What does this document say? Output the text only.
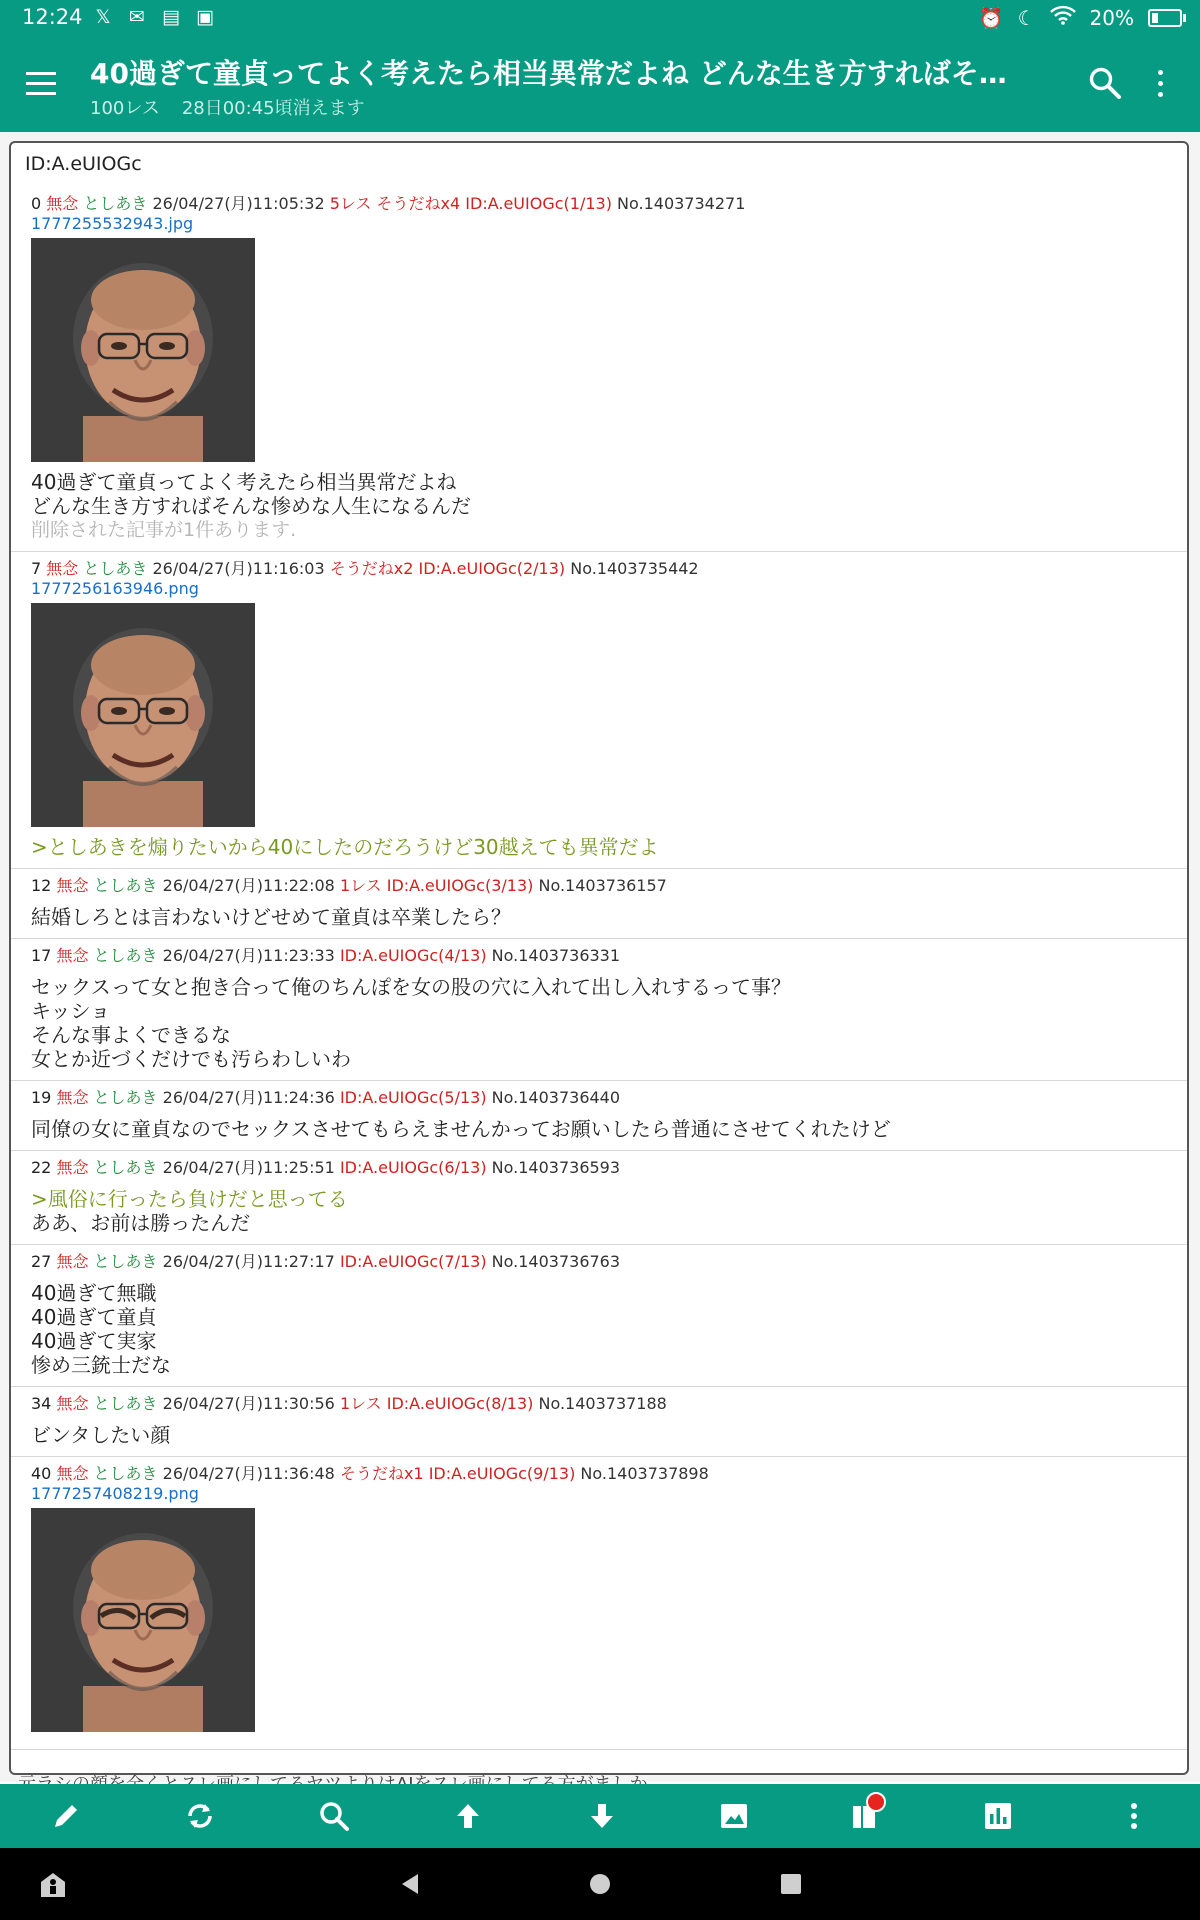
12:24 𝕏 ✉ ▤ ▣	⏰ ☾	20%
40過ぎて童貞ってよく考えたら相当異常だよね どんな生き方すればそ…
100レス 28日00:45頃消えます
ID:A.eUIOGc
0 無念 としあき 26/04/27(月)11:05:32 5レス そうだねx4 ID:A.eUIOGc(1/13) No.1403734271
1777255532943.jpg
40過ぎて童貞ってよく考えたら相当異常だよね
どんな生き方すればそんな惨めな人生になるんだ
削除された記事が1件あります.
7 無念 としあき 26/04/27(月)11:16:03 そうだねx2 ID:A.eUIOGc(2/13) No.1403735442
1777256163946.png
>としあきを煽りたいから40にしたのだろうけど30越えても異常だよ
12 無念 としあき 26/04/27(月)11:22:08 1レス ID:A.eUIOGc(3/13) No.1403736157
結婚しろとは言わないけどせめて童貞は卒業したら？
17 無念 としあき 26/04/27(月)11:23:33 ID:A.eUIOGc(4/13) No.1403736331
セックスって女と抱き合って俺のちんぽを女の股の穴に入れて出し入れするって事？
キッショ
そんな事よくできるな
女とか近づくだけでも汚らわしいわ
19 無念 としあき 26/04/27(月)11:24:36 ID:A.eUIOGc(5/13) No.1403736440
同僚の女に童貞なのでセックスさせてもらえませんかってお願いしたら普通にさせてくれたけど
22 無念 としあき 26/04/27(月)11:25:51 ID:A.eUIOGc(6/13) No.1403736593
>風俗に行ったら負けだと思ってる
ああ、お前は勝ったんだ
27 無念 としあき 26/04/27(月)11:27:17 ID:A.eUIOGc(7/13) No.1403736763
40過ぎて無職
40過ぎて童貞
40過ぎて実家
惨め三銃士だな
34 無念 としあき 26/04/27(月)11:30:56 1レス ID:A.eUIOGc(8/13) No.1403737188
ビンタしたい顔
40 無念 としあき 26/04/27(月)11:36:48 そうだねx1 ID:A.eUIOGc(9/13) No.1403737898
1777257408219.png
